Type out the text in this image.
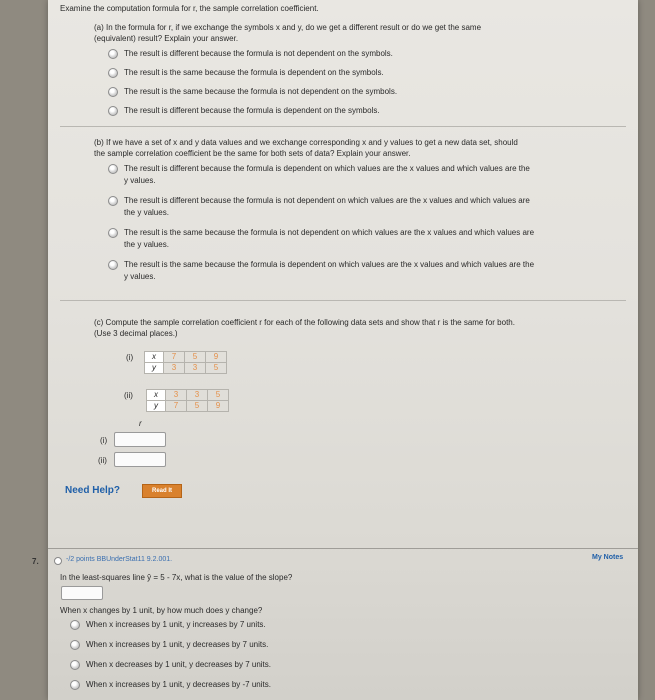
Examine the computation formula for r, the sample correlation coefficient.
(a) In the formula for r, if we exchange the symbols x and y, do we get a different result or do we get the same
(equivalent) result? Explain your answer.
The result is different because the formula is not dependent on the symbols.
The result is the same because the formula is dependent on the symbols.
The result is the same because the formula is not dependent on the symbols.
The result is different because the formula is dependent on the symbols.
(b) If we have a set of x and y data values and we exchange corresponding x and y values to get a new data set, should
the sample correlation coefficient be the same for both sets of data? Explain your answer.
The result is different because the formula is dependent on which values are the x values and which values are the
y values.
The result is different because the formula is not dependent on which values are the x values and which values are
the y values.
The result is the same because the formula is not dependent on which values are the x values and which values are
the y values.
The result is the same because the formula is dependent on which values are the x values and which values are the
y values.
(c) Compute the sample correlation coefficient r for each of the following data sets and show that r is the same for both.
(Use 3 decimal places.)
(i) x	7	5	9
y	3	3	5
(ii)	x	3	3	5
y	7	5	9
r
(i)
(ii)
Need Help?	Read It
7.	-/2 points BBUnderStat11 9.2.001.	My Notes
In the least-squares line ŷ = 5 - 7x, what is the value of the slope?
When x changes by 1 unit, by how much does y change?
When x increases by 1 unit, y increases by 7 units.
When x increases by 1 unit, y decreases by 7 units.
When x decreases by 1 unit, y decreases by 7 units.
When x increases by 1 unit, y decreases by -7 units.
